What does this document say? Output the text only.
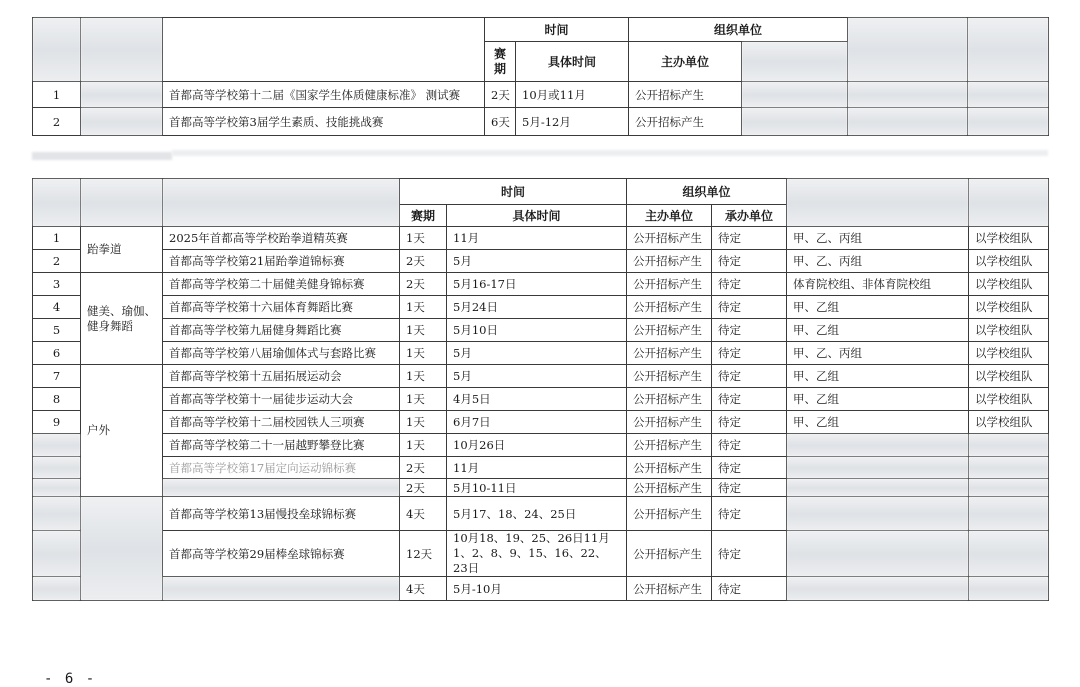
			时间		组织单位			
			赛期	具体时间	主办单位			
1		首都高等学校第十二届《国家学生体质健康标准》 测试赛	2天	10月或11月	公开招标产生			
2		首都高等学校第3届学生素质、技能挑战赛	6天	5月-12月	公开招标产生			
			时间		组织单位			
			赛期	具体时间	主办单位	承办单位		
1	跆拳道	2025年首都高等学校跆拳道精英赛	1天	11月	公开招标产生	待定	甲、乙、丙组	以学校组队
2		首都高等学校第21届跆拳道锦标赛	2天	5月	公开招标产生	待定	甲、乙、丙组	以学校组队
3	健美、瑜伽、健身舞蹈	首都高等学校第二十届健美健身锦标赛	2天	5月16-17日	公开招标产生	待定	体育院校组、非体育院校组	以学校组队
4		首都高等学校第十六届体育舞蹈比赛	1天	5月24日	公开招标产生	待定	甲、乙组	以学校组队
5		首都高等学校第九届健身舞蹈比赛	1天	5月10日	公开招标产生	待定	甲、乙组	以学校组队
6		首都高等学校第八届瑜伽体式与套路比赛	1天	5月	公开招标产生	待定	甲、乙、丙组	以学校组队
7	户外	首都高等学校第十五届拓展运动会	1天	5月	公开招标产生	待定	甲、乙组	以学校组队
8		首都高等学校第十一届徒步运动大会	1天	4月5日	公开招标产生	待定	甲、乙组	以学校组队
9		首都高等学校第十二届校园铁人三项赛	1天	6月7日	公开招标产生	待定	甲、乙组	以学校组队
		首都高等学校第二十一届越野攀登比赛	1天	10月26日	公开招标产生	待定		
		首都高等学校第17届定向运动锦标赛	2天	11月	公开招标产生	待定		
			2天	5月10-11日	公开招标产生	待定		
		首都高等学校第13届慢投垒球锦标赛	4天	5月17、18、24、25日	公开招标产生	待定		
		首都高等学校第29届棒垒球锦标赛	12天	10月18、19、25、26日11月1、2、8、9、15、16、22、23日	公开招标产生	待定		
			4天	5月-10月	公开招标产生	待定		
- 6 -
